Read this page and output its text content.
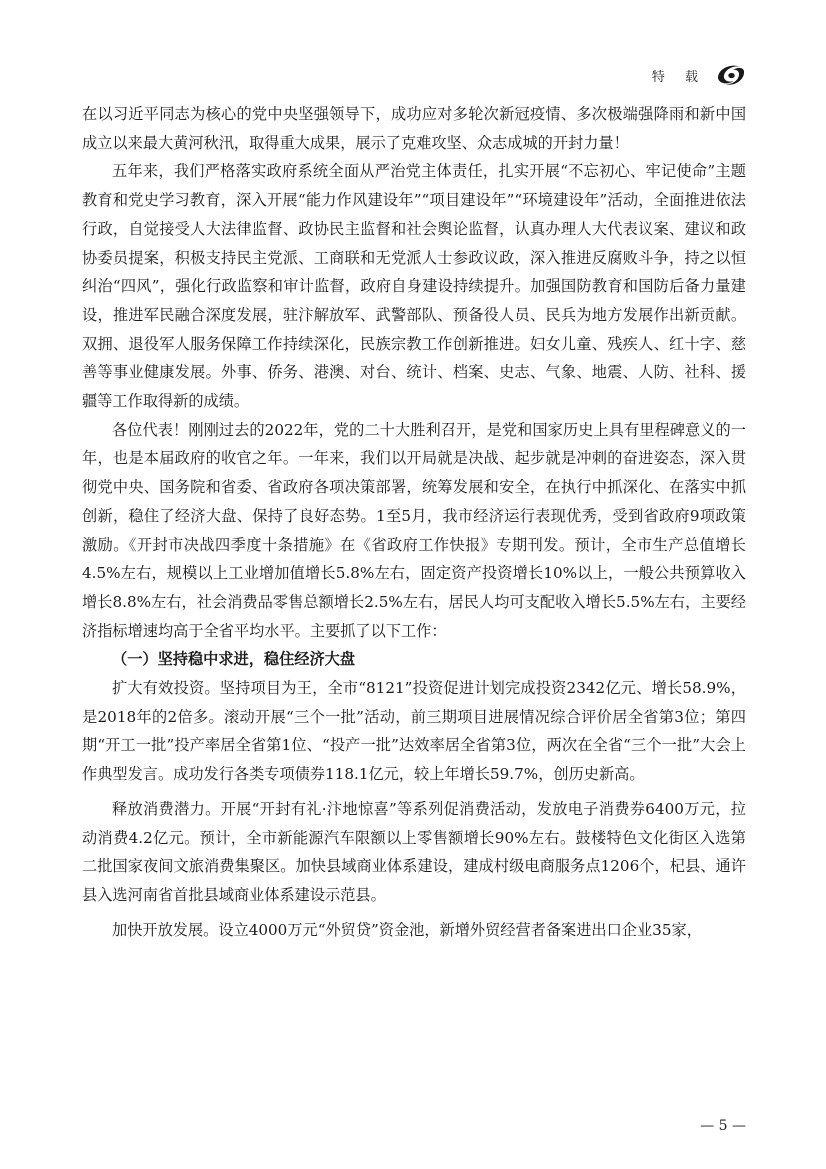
特 载

在以习近平同志为核心的党中央坚强领导下，成功应对多轮次新冠疫情、多次极端强降雨和新中国成立以来最大黄河秋汛，取得重大成果，展示了克难攻坚、众志成城的开封力量！

五年来，我们严格落实政府系统全面从严治党主体责任，扎实开展“不忘初心、牢记使命”主题教育和党史学习教育，深入开展“能力作风建设年”“项目建设年”“环境建设年”活动，全面推进依法行政，自觉接受人大法律监督、政协民主监督和社会舆论监督，认真办理人大代表议案、建议和政协委员提案，积极支持民主党派、工商联和无党派人士参政议政，深入推进反腐败斗争，持之以恒纠治“四风”，强化行政监察和审计监督，政府自身建设持续提升。加强国防教育和国防后备力量建设，推进军民融合深度发展，驻汴解放军、武警部队、预备役人员、民兵为地方发展作出新贡献。双拥、退役军人服务保障工作持续深化，民族宗教工作创新推进。妇女儿童、残疾人、红十字、慈善等事业健康发展。外事、侨务、港澳、对台、统计、档案、史志、气象、地震、人防、社科、援疆等工作取得新的成绩。

各位代表！刚刚过去的2022年，党的二十大胜利召开，是党和国家历史上具有里程碑意义的一年，也是本届政府的收官之年。一年来，我们以开局就是决战、起步就是冲刺的奋进姿态，深入贯彻党中央、国务院和省委、省政府各项决策部署，统筹发展和安全，在执行中抓深化、在落实中抓创新，稳住了经济大盘、保持了良好态势。1至5月，我市经济运行表现优秀，受到省政府9项政策激励。《开封市决战四季度十条措施》在《省政府工作快报》专期刊发。预计，全市生产总值增长4.5%左右，规模以上工业增加值增长5.8%左右，固定资产投资增长10%以上，一般公共预算收入增长8.8%左右，社会消费品零售总额增长2.5%左右，居民人均可支配收入增长5.5%左右，主要经济指标增速均高于全省平均水平。主要抓了以下工作：

（一）坚持稳中求进，稳住经济大盘

扩大有效投资。坚持项目为王，全市“8121”投资促进计划完成投资2342亿元、增长58.9%，是2018年的2倍多。滚动开展“三个一批”活动，前三期项目进展情况综合评价居全省第3位；第四期“开工一批”投产率居全省第1位、“投产一批”达效率居全省第3位，两次在全省“三个一批”大会上作典型发言。成功发行各类专项债券118.1亿元，较上年增长59.7%，创历史新高。

释放消费潜力。开展“开封有礼·汴地惊喜”等系列促消费活动，发放电子消费券6400万元，拉动消费4.2亿元。预计，全市新能源汽车限额以上零售额增长90%左右。鼓楼特色文化街区入选第二批国家夜间文旅消费集聚区。加快县域商业体系建设，建成村级电商服务点1206个，杞县、通许县入选河南省首批县域商业体系建设示范县。

加快开放发展。设立4000万元“外贸贷”资金池，新增外贸经营者备案进出口企业35家，

— 5 —
